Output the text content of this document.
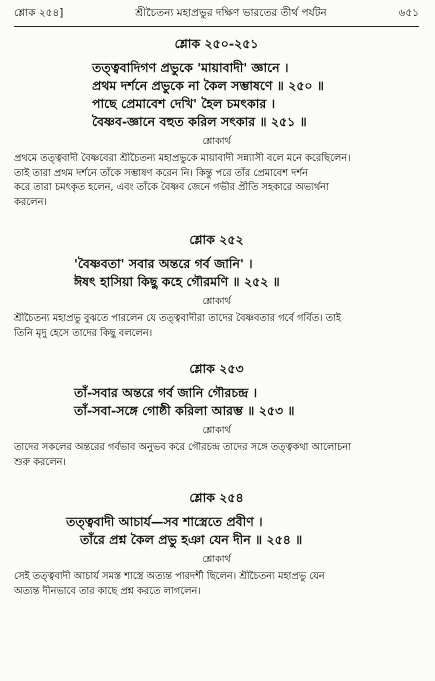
শ্লোক ২৫৪]	শ্রীচৈতন্য মহাপ্রভুর দক্ষিণ ভারতের তীর্থ পর্যটন	৬৫১
শ্লোক ২৫০-২৫১
তত্ত্ববাদিগণ প্রভুকে 'মায়াবাদী' জ্ঞানে ।
প্রথম দর্শনে প্রভুকে না কৈল সম্ভাষণে ॥ ২৫০ ॥
পাছে প্রেমাবেশ দেখি' হৈল চমৎকার ।
বৈষ্ণব-জ্ঞানে বহুত করিল সৎকার ॥ ২৫১ ॥
শ্লোকার্থ

প্রথমে তত্ত্ববাদী বৈষ্ণবেরা শ্রীচৈতন্য মহাপ্রভুকে মায়াবাদী সন্ন্যাসী বলে মনে করেছিলেন।
তাই তারা প্রথম দর্শনে তাঁকে সম্ভাষণ করেন নি। কিন্তু পরে তাঁর প্রেমাবেশ দর্শন
করে তারা চমৎকৃত হলেন, এবং তাঁকে বৈষ্ণব জেনে গভীর প্রীতি সহকারে অভ্যর্থনা
করলেন।

শ্লোক ২৫২
'বৈষ্ণবতা' সবার অন্তরে গর্ব জানি' ।
ঈষৎ হাসিয়া কিছু কহে গৌরমণি ॥ ২৫২ ॥
শ্লোকার্থ

শ্রীচৈতন্য মহাপ্রভু বুঝতে পারলেন যে তত্ত্ববাদীরা তাদের বৈষ্ণবতার গর্বে গর্বিত। তাই
তিনি মৃদু হেসে তাদের কিছু বললেন।

শ্লোক ২৫৩
তাঁ-সবার অন্তরে গর্ব জানি গৌরচন্দ্র ।
তাঁ-সবা-সঙ্গে গোষ্ঠী করিলা আরম্ভ ॥ ২৫৩ ॥
শ্লোকার্থ

তাদের সকলের অন্তরের গর্বভাব অনুভব করে গৌরচন্দ্র তাদের সঙ্গে তত্ত্বকথা আলোচনা
শুরু করলেন।

শ্লোক ২৫৪
তত্ত্ববাদী আচার্য—সব শাস্ত্রেতে প্রবীণ ।
তাঁরে প্রশ্ন কৈল প্রভু হঞা যেন দীন ॥ ২৫৪ ॥
শ্লোকার্থ

সেই তত্ত্ববাদী আচার্য সমস্ত শাস্ত্রে অত্যন্ত পারদর্শী ছিলেন। শ্রীচৈতন্য মহাপ্রভু যেন
অত্যন্ত দীনভাবে তার কাছে প্রশ্ন করতে লাগলেন।
